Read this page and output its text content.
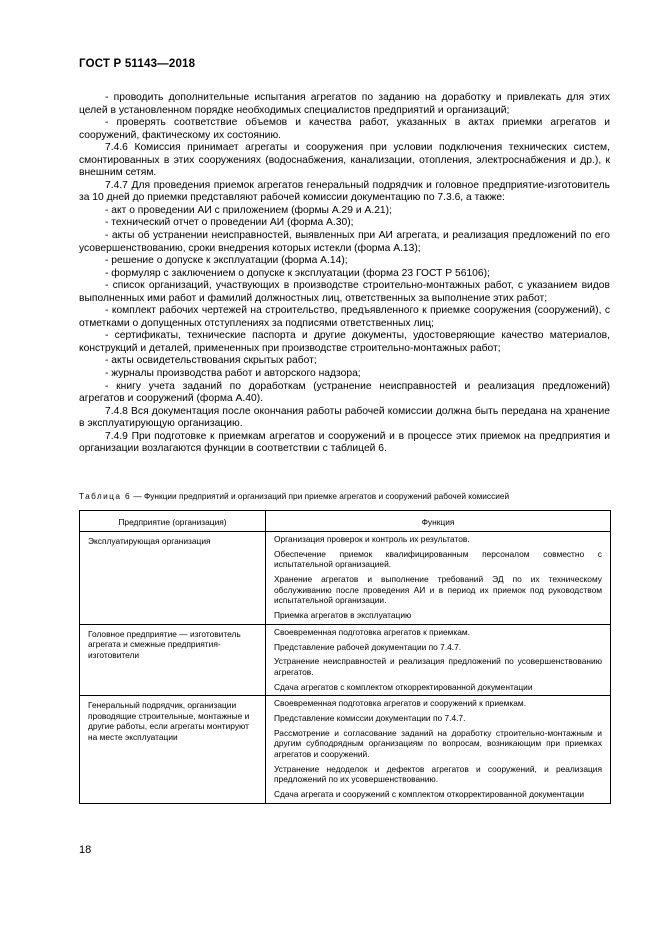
ГОСТ Р 51143—2018

- проводить дополнительные испытания агрегатов по заданию на доработку и привлекать для этих целей в установленном порядке необходимых специалистов предприятий и организаций;

- проверять соответствие объемов и качества работ, указанных в актах приемки агрегатов и сооружений, фактическому их состоянию.

7.4.6 Комиссия принимает агрегаты и сооружения при условии подключения технических систем, смонтированных в этих сооружениях (водоснабжения, канализации, отопления, электроснабжения и др.), к внешним сетям.

7.4.7 Для проведения приемок агрегатов генеральный подрядчик и головное предприятие-изготовитель за 10 дней до приемки представляют рабочей комиссии документацию по 7.3.6, а также:

- акт о проведении АИ с приложением (формы А.29 и А.21);

- технический отчет о проведении АИ (форма А.30);

- акты об устранении неисправностей, выявленных при АИ агрегата, и реализация предложений по его усовершенствованию, сроки внедрения которых истекли (форма А.13);

- решение о допуске к эксплуатации (форма А.14);

- формуляр с заключением о допуске к эксплуатации (форма 23 ГОСТ Р 56106);

- список организаций, участвующих в производстве строительно-монтажных работ, с указанием видов выполненных ими работ и фамилий должностных лиц, ответственных за выполнение этих работ;

- комплект рабочих чертежей на строительство, предъявленного к приемке сооружения (сооружений), с отметками о допущенных отступлениях за подписями ответственных лиц;

- сертификаты, технические паспорта и другие документы, удостоверяющие качество материалов, конструкций и деталей, примененных при производстве строительно-монтажных работ;

- акты освидетельствования скрытых работ;

- журналы производства работ и авторского надзора;

- книгу учета заданий по доработкам (устранение неисправностей и реализация предложений) агрегатов и сооружений (форма А.40).

7.4.8 Вся документация после окончания работы рабочей комиссии должна быть передана на хранение в эксплуатирующую организацию.

7.4.9 При подготовке к приемкам агрегатов и сооружений и в процессе этих приемок на предприятия и организации возлагаются функции в соответствии с таблицей 6.

Таблица 6 — Функции предприятий и организаций при приемке агрегатов и сооружений рабочей комиссией
Предприятие (организация)	Функция
Эксплуатирующая организация	Организация проверок и контроль их результатов.

Обеспечение приемок квалифицированным персоналом совместно с испытательной организацией.

Хранение агрегатов и выполнение требований ЭД по их техническому обслуживанию после проведения АИ и в период их приемок под руководством испытательной организации.

Приемка агрегатов в эксплуатацию

Головное предприятие — изготовитель агрегата и смежные предприятия-изготовители	Своевременная подготовка агрегатов к приемкам.

Представление рабочей документации по 7.4.7.

Устранение неисправностей и реализация предложений по усовершенствованию агрегатов.

Сдача агрегатов с комплектом откорректированной документации

Генеральный подрядчик, организации проводящие строительные, монтажные и другие работы, если агрегаты монтируют на месте эксплуатации	Своевременная подготовка агрегатов и сооружений к приемкам.

Представление комиссии документации по 7.4.7.

Рассмотрение и согласование заданий на доработку строительно-монтажным и другим субподрядным организациям по вопросам, возникающим при приемках агрегатов и сооружений.

Устранение недоделок и дефектов агрегатов и сооружений, и реализация предложений по их усовершенствованию.

Сдача агрегата и сооружений с комплектом откорректированной документации

18
